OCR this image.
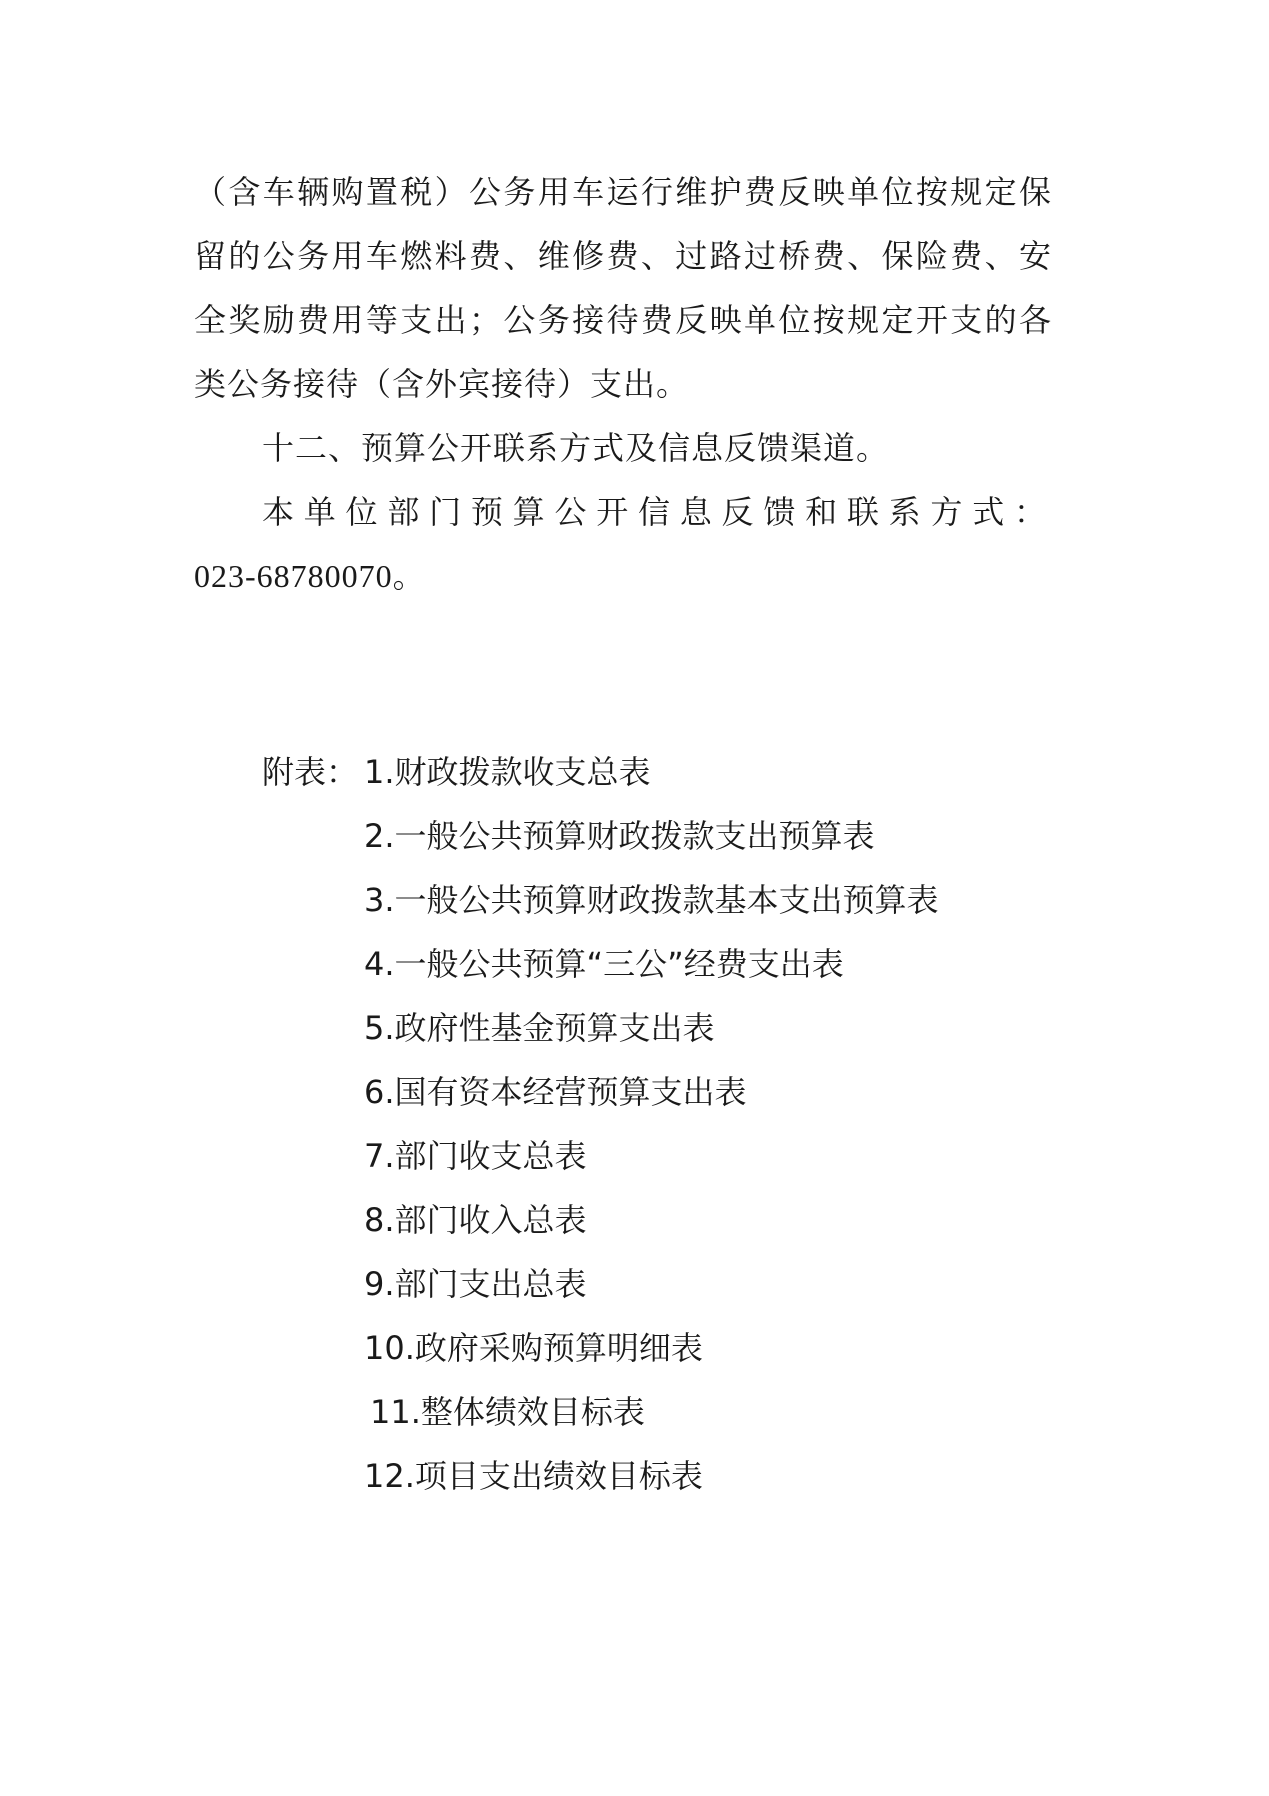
（含车辆购置税）公务用车运行维护费反映单位按规定保
留的公务用车燃料费、维修费、过路过桥费、保险费、安
全奖励费用等支出；公务接待费反映单位按规定开支的各
类公务接待（含外宾接待）支出。
十二、预算公开联系方式及信息反馈渠道。
本单位部门预算公开信息反馈和联系方式：
023-68780070。
附表： 1.财政拨款收支总表
2.一般公共预算财政拨款支出预算表
3.一般公共预算财政拨款基本支出预算表
4.一般公共预算“三公”经费支出表
5.政府性基金预算支出表
6.国有资本经营预算支出表
7.部门收支总表
8.部门收入总表
9.部门支出总表
10.政府采购预算明细表
11.整体绩效目标表
12.项目支出绩效目标表
